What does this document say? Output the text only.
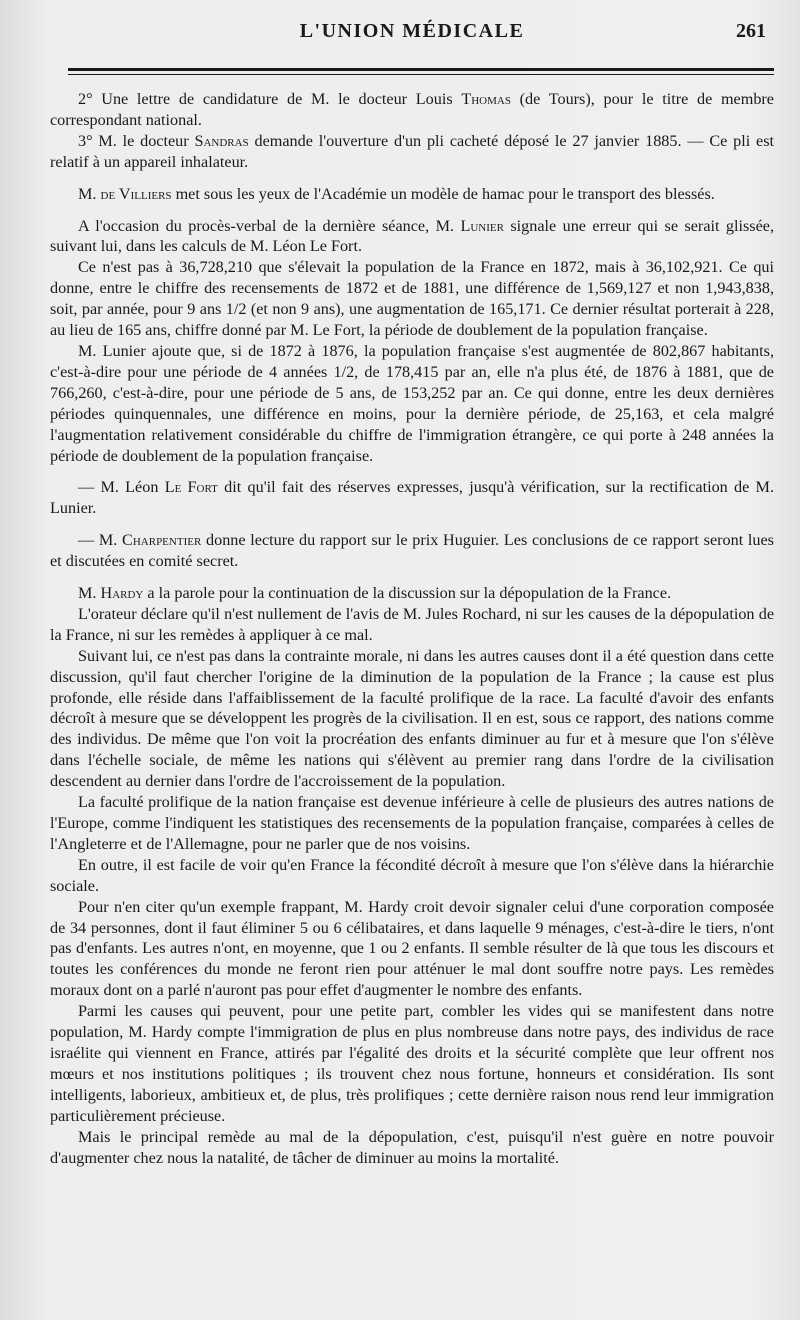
L'UNION MÉDICALE	261

2° Une lettre de candidature de M. le docteur Louis Thomas (de Tours), pour le titre de membre correspondant national.

3° M. le docteur Sandras demande l'ouverture d'un pli cacheté déposé le 27 janvier 1885. — Ce pli est relatif à un appareil inhalateur.

M. de Villiers met sous les yeux de l'Académie un modèle de hamac pour le transport des blessés.

A l'occasion du procès-verbal de la dernière séance, M. Lunier signale une erreur qui se serait glissée, suivant lui, dans les calculs de M. Léon Le Fort.

Ce n'est pas à 36,728,210 que s'élevait la population de la France en 1872, mais à 36,102,921. Ce qui donne, entre le chiffre des recensements de 1872 et de 1881, une différence de 1,569,127 et non 1,943,838, soit, par année, pour 9 ans 1/2 (et non 9 ans), une augmentation de 165,171. Ce dernier résultat porterait à 228, au lieu de 165 ans, chiffre donné par M. Le Fort, la période de doublement de la population française.

M. Lunier ajoute que, si de 1872 à 1876, la population française s'est augmentée de 802,867 habitants, c'est-à-dire pour une période de 4 années 1/2, de 178,415 par an, elle n'a plus été, de 1876 à 1881, que de 766,260, c'est-à-dire, pour une période de 5 ans, de 153,252 par an. Ce qui donne, entre les deux dernières périodes quinquennales, une différence en moins, pour la dernière période, de 25,163, et cela malgré l'augmentation relativement considérable du chiffre de l'immigration étrangère, ce qui porte à 248 années la période de doublement de la population française.

— M. Léon Le Fort dit qu'il fait des réserves expresses, jusqu'à vérification, sur la rectification de M. Lunier.

— M. Charpentier donne lecture du rapport sur le prix Huguier. Les conclusions de ce rapport seront lues et discutées en comité secret.

M. Hardy a la parole pour la continuation de la discussion sur la dépopulation de la France.

L'orateur déclare qu'il n'est nullement de l'avis de M. Jules Rochard, ni sur les causes de la dépopulation de la France, ni sur les remèdes à appliquer à ce mal.

Suivant lui, ce n'est pas dans la contrainte morale, ni dans les autres causes dont il a été question dans cette discussion, qu'il faut chercher l'origine de la diminution de la population de la France ; la cause est plus profonde, elle réside dans l'affaiblissement de la faculté prolifique de la race. La faculté d'avoir des enfants décroît à mesure que se développent les progrès de la civilisation. Il en est, sous ce rapport, des nations comme des individus. De même que l'on voit la procréation des enfants diminuer au fur et à mesure que l'on s'élève dans l'échelle sociale, de même les nations qui s'élèvent au premier rang dans l'ordre de la civilisation descendent au dernier dans l'ordre de l'accroissement de la population.

La faculté prolifique de la nation française est devenue inférieure à celle de plusieurs des autres nations de l'Europe, comme l'indiquent les statistiques des recensements de la population française, comparées à celles de l'Angleterre et de l'Allemagne, pour ne parler que de nos voisins.

En outre, il est facile de voir qu'en France la fécondité décroît à mesure que l'on s'élève dans la hiérarchie sociale.

Pour n'en citer qu'un exemple frappant, M. Hardy croit devoir signaler celui d'une corporation composée de 34 personnes, dont il faut éliminer 5 ou 6 célibataires, et dans laquelle 9 ménages, c'est-à-dire le tiers, n'ont pas d'enfants. Les autres n'ont, en moyenne, que 1 ou 2 enfants. Il semble résulter de là que tous les discours et toutes les conférences du monde ne feront rien pour atténuer le mal dont souffre notre pays. Les remèdes moraux dont on a parlé n'auront pas pour effet d'augmenter le nombre des enfants.

Parmi les causes qui peuvent, pour une petite part, combler les vides qui se manifestent dans notre population, M. Hardy compte l'immigration de plus en plus nombreuse dans notre pays, des individus de race israélite qui viennent en France, attirés par l'égalité des droits et la sécurité complète que leur offrent nos mœurs et nos institutions politiques ; ils trouvent chez nous fortune, honneurs et considération. Ils sont intelligents, laborieux, ambitieux et, de plus, très prolifiques ; cette dernière raison nous rend leur immigration particulièrement précieuse.

Mais le principal remède au mal de la dépopulation, c'est, puisqu'il n'est guère en notre pouvoir d'augmenter chez nous la natalité, de tâcher de diminuer au moins la mortalité.
